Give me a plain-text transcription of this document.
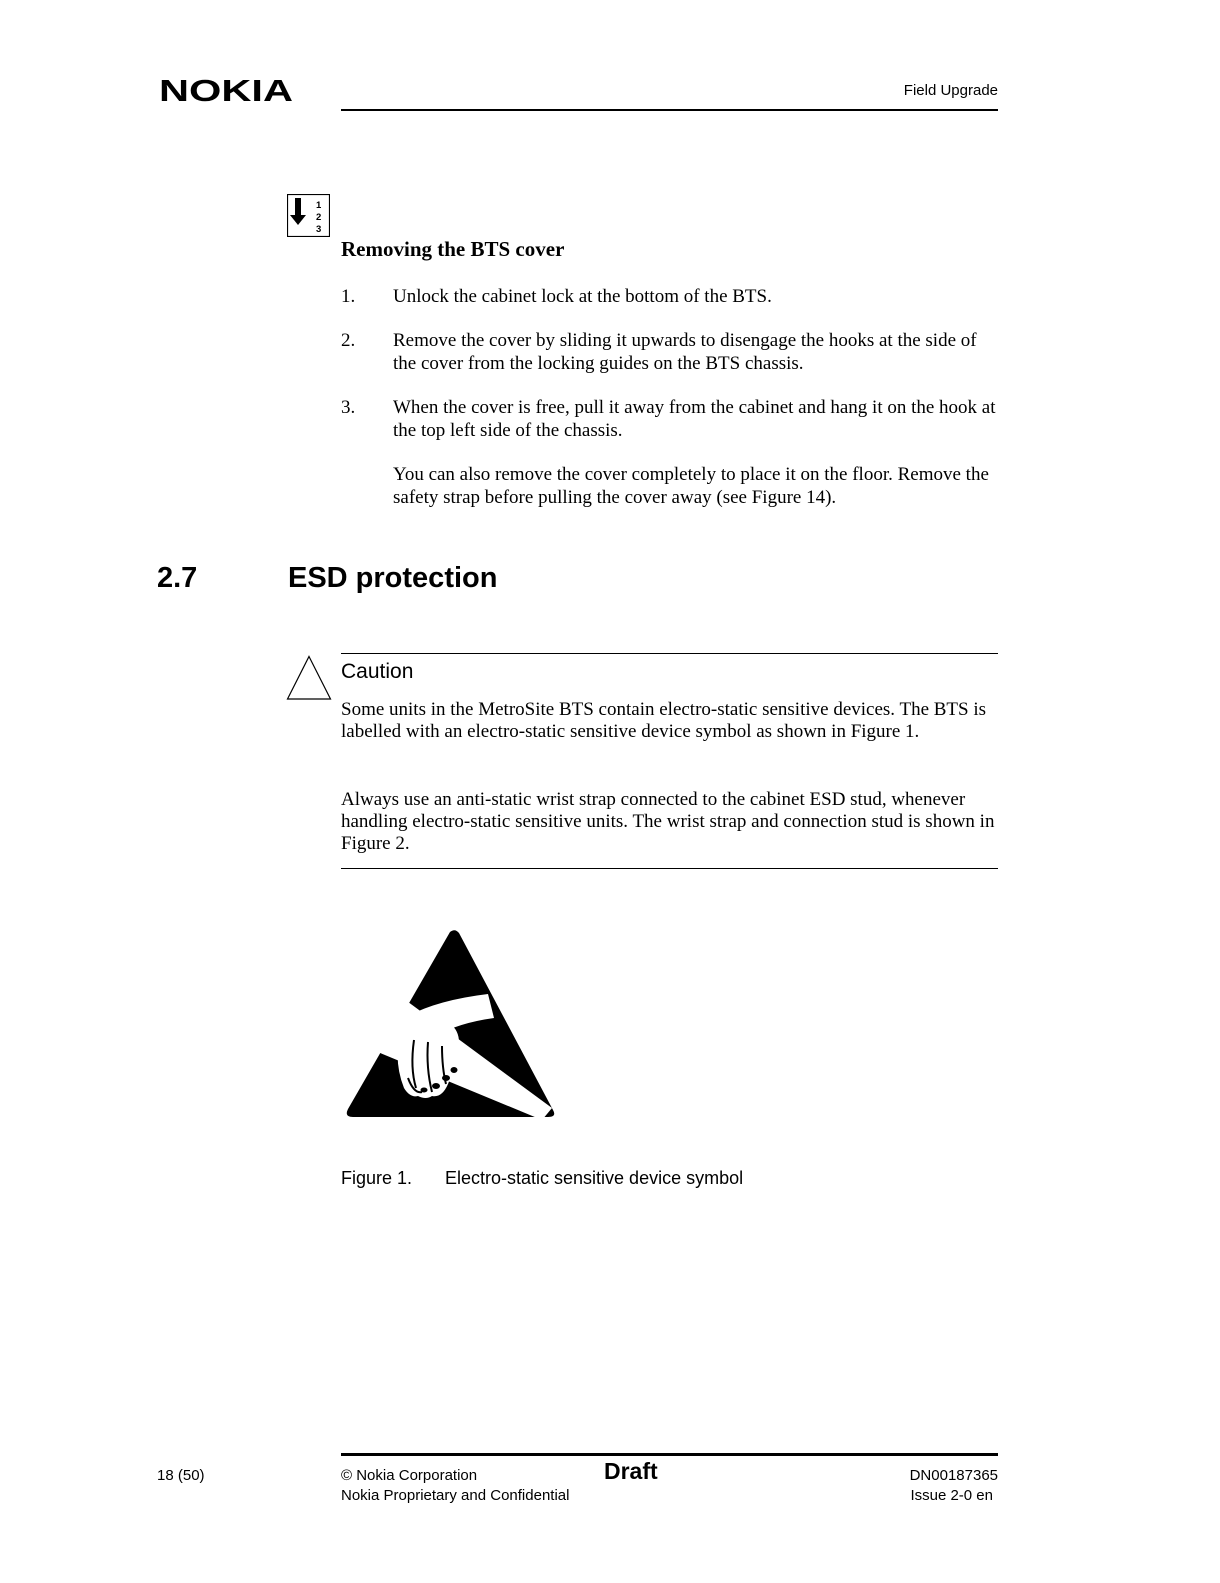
NOKIA	Field Upgrade
1
2
3
Removing the BTS cover
1. Unlock the cabinet lock at the bottom of the BTS.
2. Remove the cover by sliding it upwards to disengage the hooks at the side of the cover from the locking guides on the BTS chassis.
3. When the cover is free, pull it away from the cabinet and hang it on the hook at the top left side of the chassis.
You can also remove the cover completely to place it on the floor. Remove the safety strap before pulling the cover away (see Figure 14).
2.7	ESD protection
Caution
Some units in the MetroSite BTS contain electro-static sensitive devices. The BTS is labelled with an electro-static sensitive device symbol as shown in Figure 1.
Always use an anti-static wrist strap connected to the cabinet ESD stud, whenever handling electro-static sensitive units. The wrist strap and connection stud is shown in Figure 2.
Figure 1. Electro-static sensitive device symbol
18 (50)	© Nokia Corporation
Nokia Proprietary and Confidential
Draft	DN00187365
Issue 2-0 en
